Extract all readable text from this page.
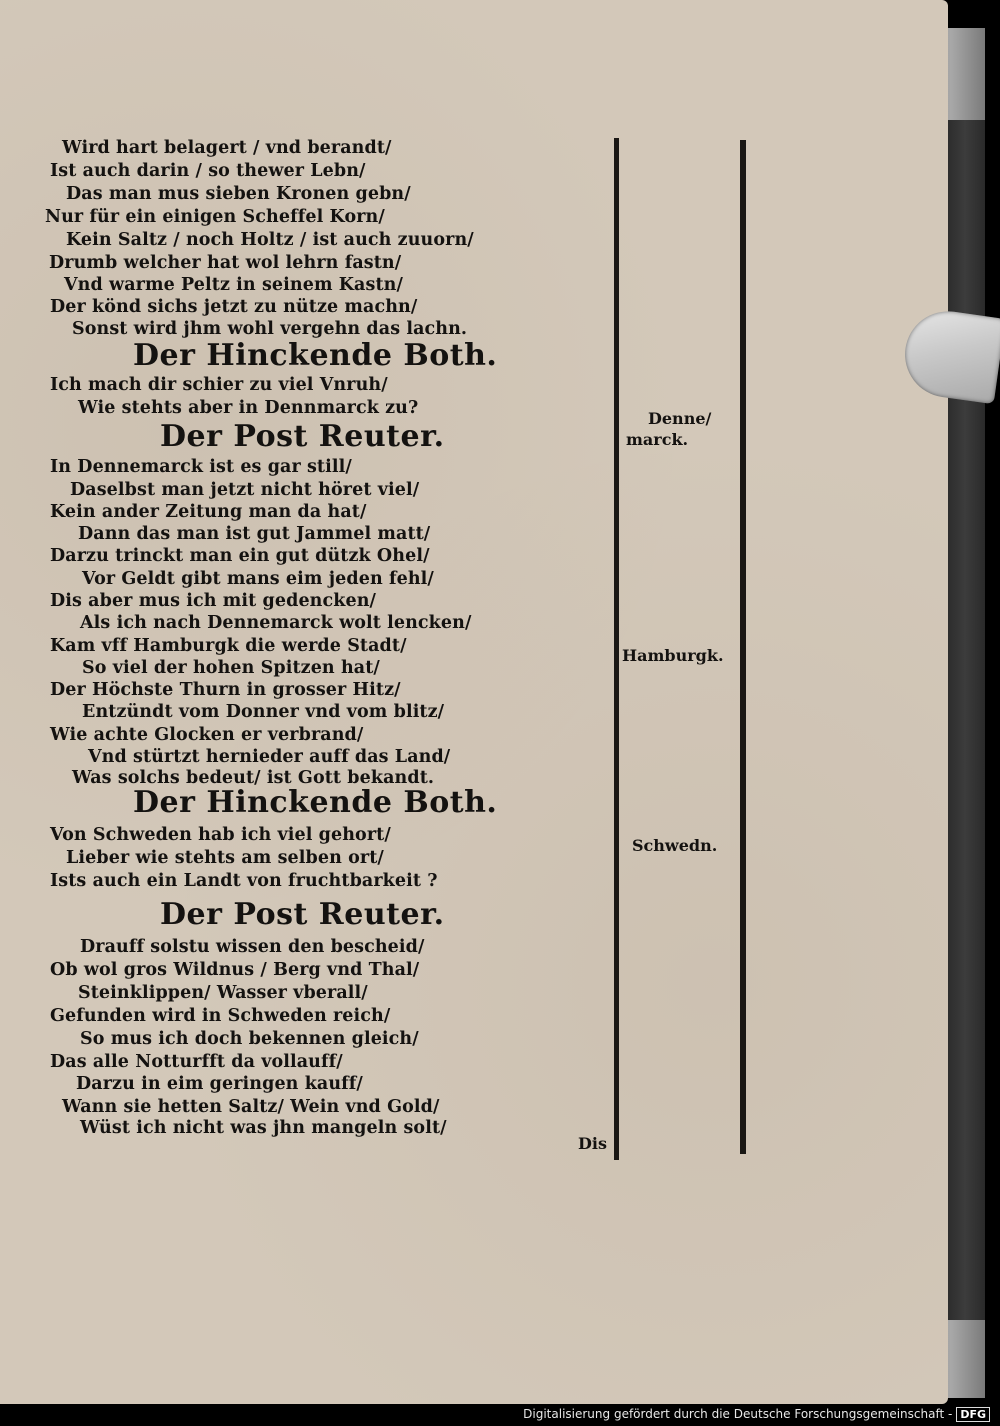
Wird hart belagert / vnd berandt/
Ist auch darin / so thewer Lebn/
Das man mus sieben Kronen gebn/
Nur für ein einigen Scheffel Korn/
Kein Saltz / noch Holtz / ist auch zuuorn/
Drumb welcher hat wol lehrn fastn/
Vnd warme Peltz in seinem Kastn/
Der könd sichs jetzt zu nütze machn/
Sonst wird jhm wohl vergehn das lachn.
Der Hinckende Both.
Ich mach dir schier zu viel Vnruh/
Wie stehts aber in Dennmarck zu?
Der Post Reuter.
In Dennemarck ist es gar still/
Daselbst man jetzt nicht höret viel/
Kein ander Zeitung man da hat/
Dann das man ist gut Jammel matt/
Darzu trinckt man ein gut dützk Ohel/
Vor Geldt gibt mans eim jeden fehl/
Dis aber mus ich mit gedencken/
Als ich nach Dennemarck wolt lencken/
Kam vff Hamburgk die werde Stadt/
So viel der hohen Spitzen hat/
Der Höchste Thurn in grosser Hitz/
Entzündt vom Donner vnd vom blitz/
Wie achte Glocken er verbrand/
Vnd stürtzt hernieder auff das Land/
Was solchs bedeut/ ist Gott bekandt.
Der Hinckende Both.
Von Schweden hab ich viel gehort/
Lieber wie stehts am selben ort/
Ists auch ein Landt von fruchtbarkeit ?
Der Post Reuter.
Drauff solstu wissen den bescheid/
Ob wol gros Wildnus / Berg vnd Thal/
Steinklippen/ Wasser vberall/
Gefunden wird in Schweden reich/
So mus ich doch bekennen gleich/
Das alle Notturfft da vollauff/
Darzu in eim geringen kauff/
Wann sie hetten Saltz/ Wein vnd Gold/
Wüst ich nicht was jhn mangeln solt/
Denne/
marck.
Hamburgk.
Schwedn.
Dis
Digitalisierung gefördert durch die Deutsche Forschungsgemeinschaft - DFG
